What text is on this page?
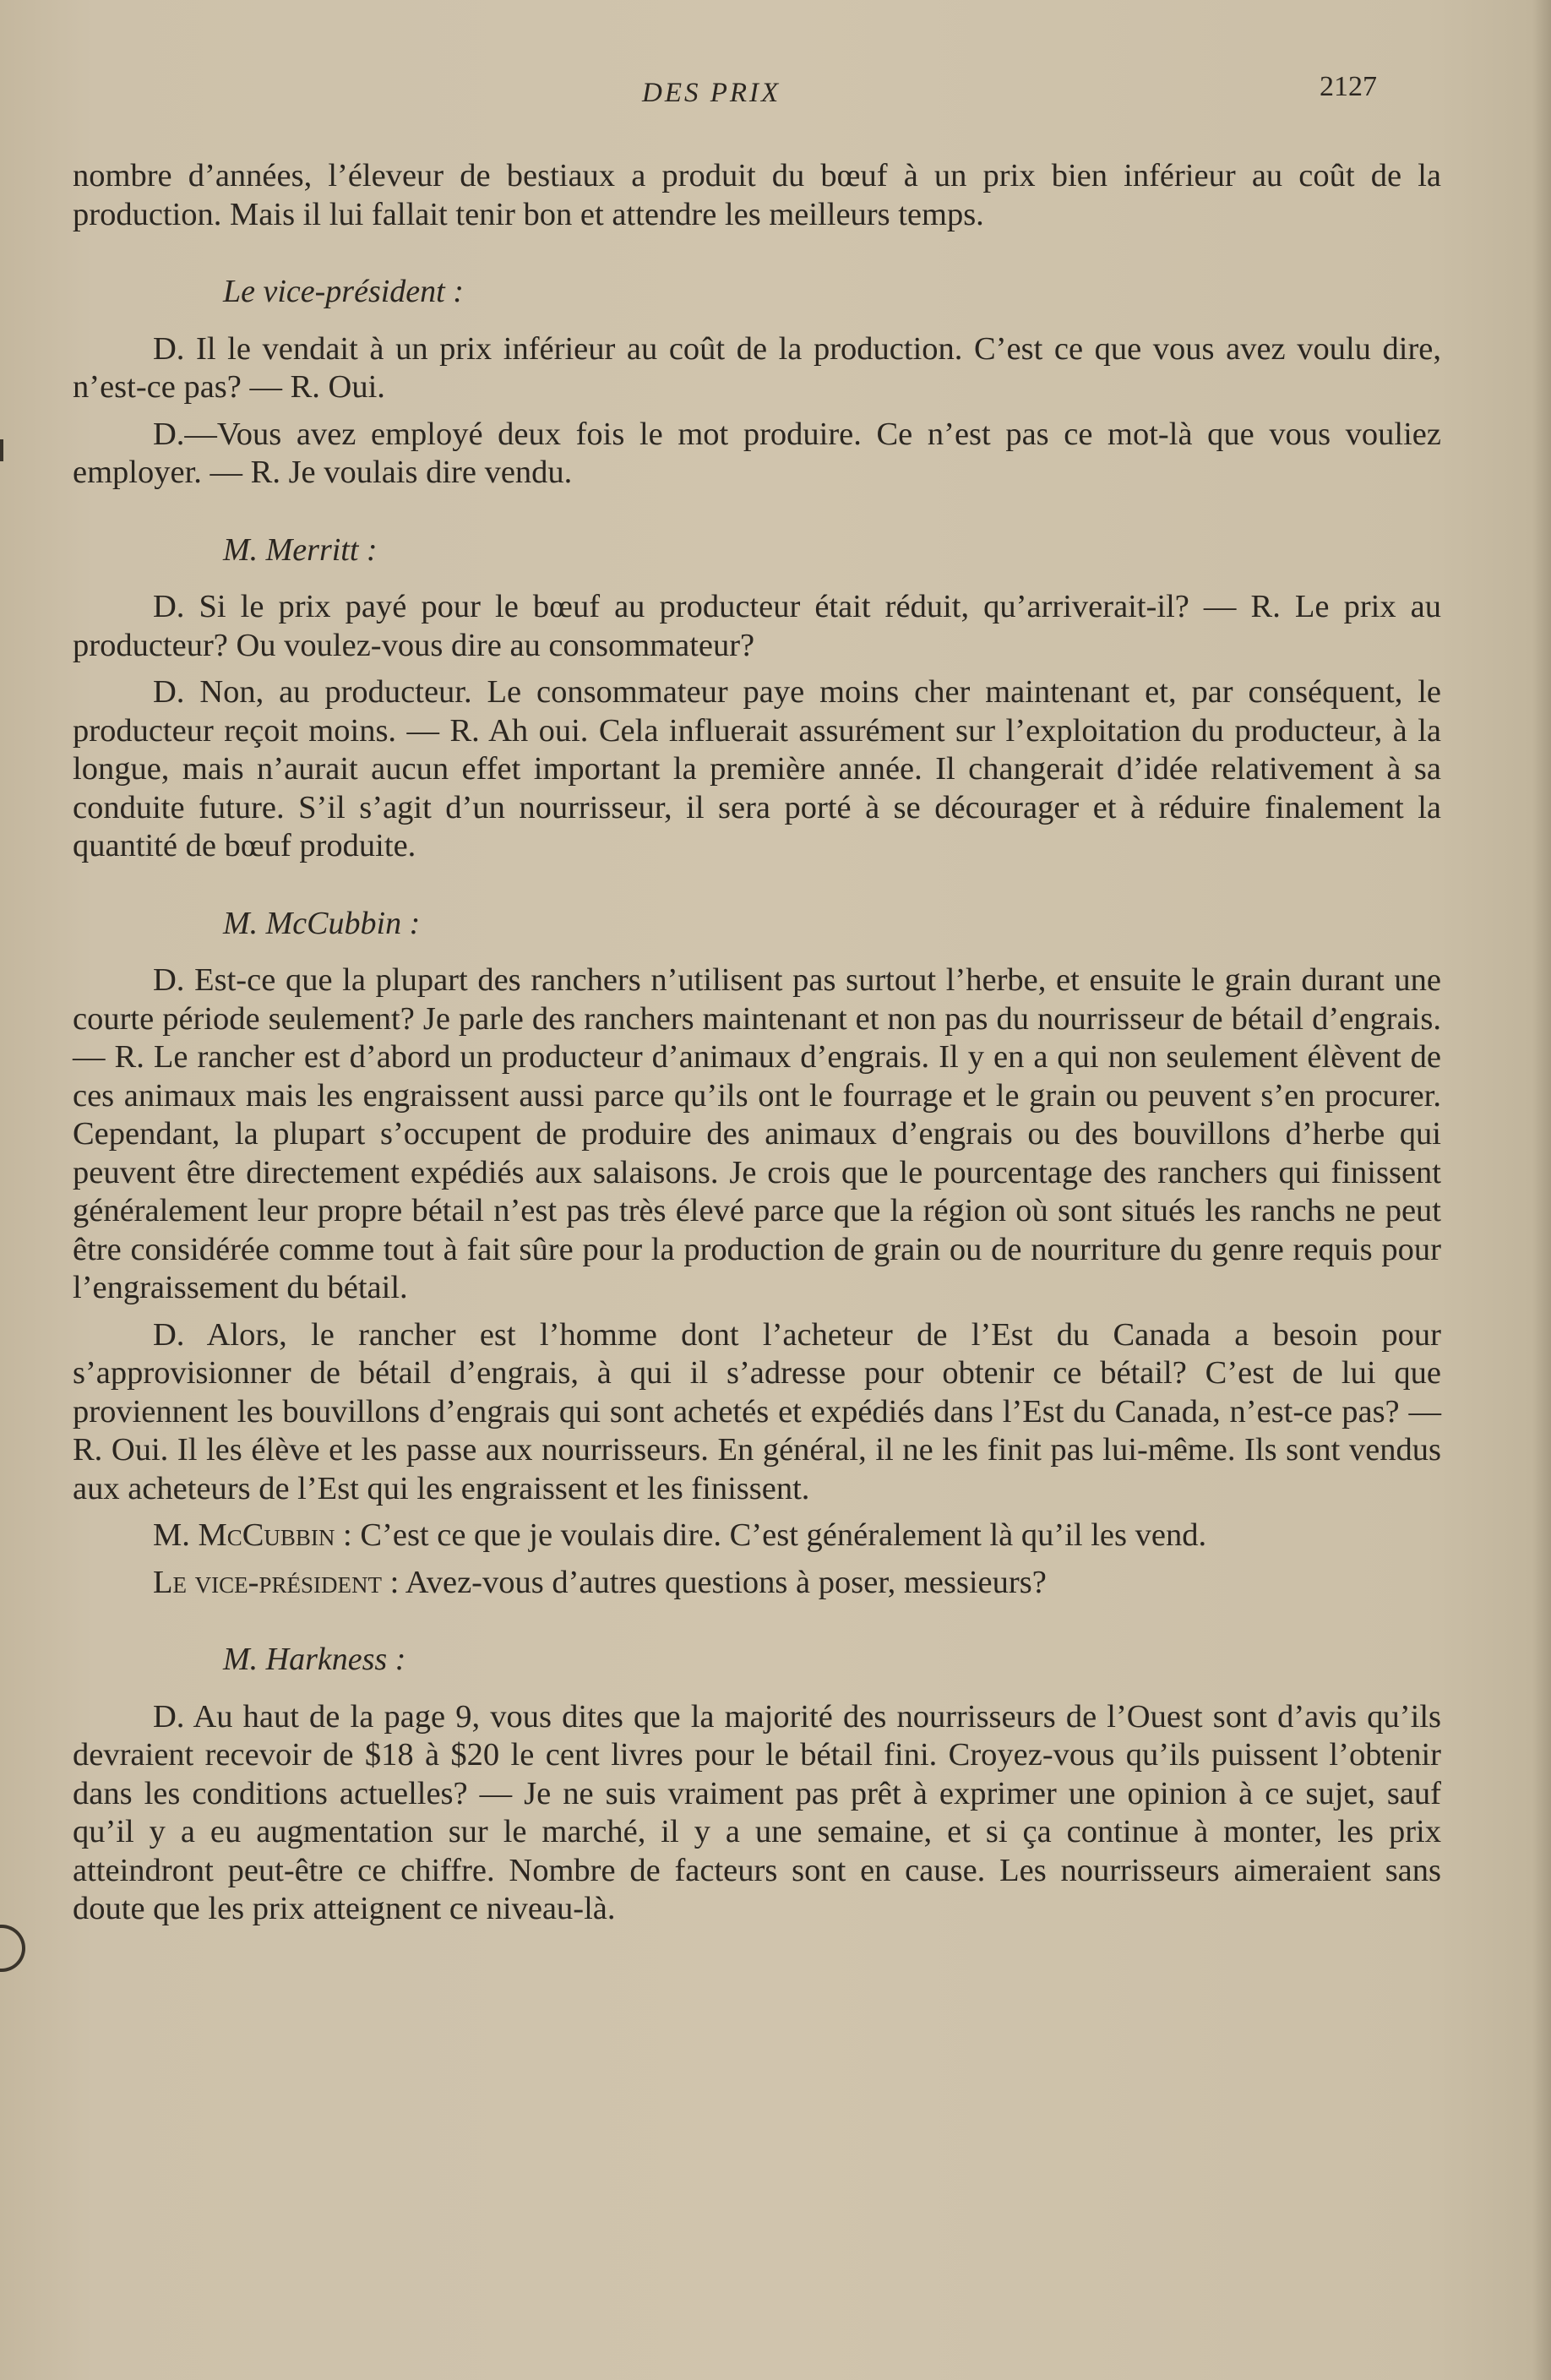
DES PRIX	2127

nombre d’années, l’éleveur de bestiaux a produit du bœuf à un prix bien inférieur au coût de la production. Mais il lui fallait tenir bon et attendre les meilleurs temps.

Le vice-président :

D. Il le vendait à un prix inférieur au coût de la production. C’est ce que vous avez voulu dire, n’est-ce pas? — R. Oui.

D.—Vous avez employé deux fois le mot produire. Ce n’est pas ce mot-là que vous vouliez employer. — R. Je voulais dire vendu.

M. Merritt :

D. Si le prix payé pour le bœuf au producteur était réduit, qu’arriverait-il? — R. Le prix au producteur? Ou voulez-vous dire au consommateur?

D. Non, au producteur. Le consommateur paye moins cher maintenant et, par conséquent, le producteur reçoit moins. — R. Ah oui. Cela influerait assurément sur l’exploitation du producteur, à la longue, mais n’aurait aucun effet important la première année. Il changerait d’idée relativement à sa conduite future. S’il s’agit d’un nourrisseur, il sera porté à se décourager et à réduire finalement la quantité de bœuf produite.

M. McCubbin :

D. Est-ce que la plupart des ranchers n’utilisent pas surtout l’herbe, et ensuite le grain durant une courte période seulement? Je parle des ranchers maintenant et non pas du nourrisseur de bétail d’engrais. — R. Le rancher est d’abord un producteur d’animaux d’engrais. Il y en a qui non seulement élèvent de ces animaux mais les engraissent aussi parce qu’ils ont le fourrage et le grain ou peuvent s’en procurer. Cependant, la plupart s’occupent de produire des animaux d’engrais ou des bouvillons d’herbe qui peuvent être directement expédiés aux salaisons. Je crois que le pourcentage des ranchers qui finissent généralement leur propre bétail n’est pas très élevé parce que la région où sont situés les ranchs ne peut être considérée comme tout à fait sûre pour la production de grain ou de nourriture du genre requis pour l’engraissement du bétail.

D. Alors, le rancher est l’homme dont l’acheteur de l’Est du Canada a besoin pour s’approvisionner de bétail d’engrais, à qui il s’adresse pour obtenir ce bétail? C’est de lui que proviennent les bouvillons d’engrais qui sont achetés et expédiés dans l’Est du Canada, n’est-ce pas? — R. Oui. Il les élève et les passe aux nourrisseurs. En général, il ne les finit pas lui-même. Ils sont vendus aux acheteurs de l’Est qui les engraissent et les finissent.

M. McCubbin : C’est ce que je voulais dire. C’est généralement là qu’il les vend.

Le vice-président : Avez-vous d’autres questions à poser, messieurs?

M. Harkness :

D. Au haut de la page 9, vous dites que la majorité des nourrisseurs de l’Ouest sont d’avis qu’ils devraient recevoir de $18 à $20 le cent livres pour le bétail fini. Croyez-vous qu’ils puissent l’obtenir dans les conditions actuelles? — Je ne suis vraiment pas prêt à exprimer une opinion à ce sujet, sauf qu’il y a eu augmentation sur le marché, il y a une semaine, et si ça continue à monter, les prix atteindront peut-être ce chiffre. Nombre de facteurs sont en cause. Les nourrisseurs aimeraient sans doute que les prix atteignent ce niveau-là.
